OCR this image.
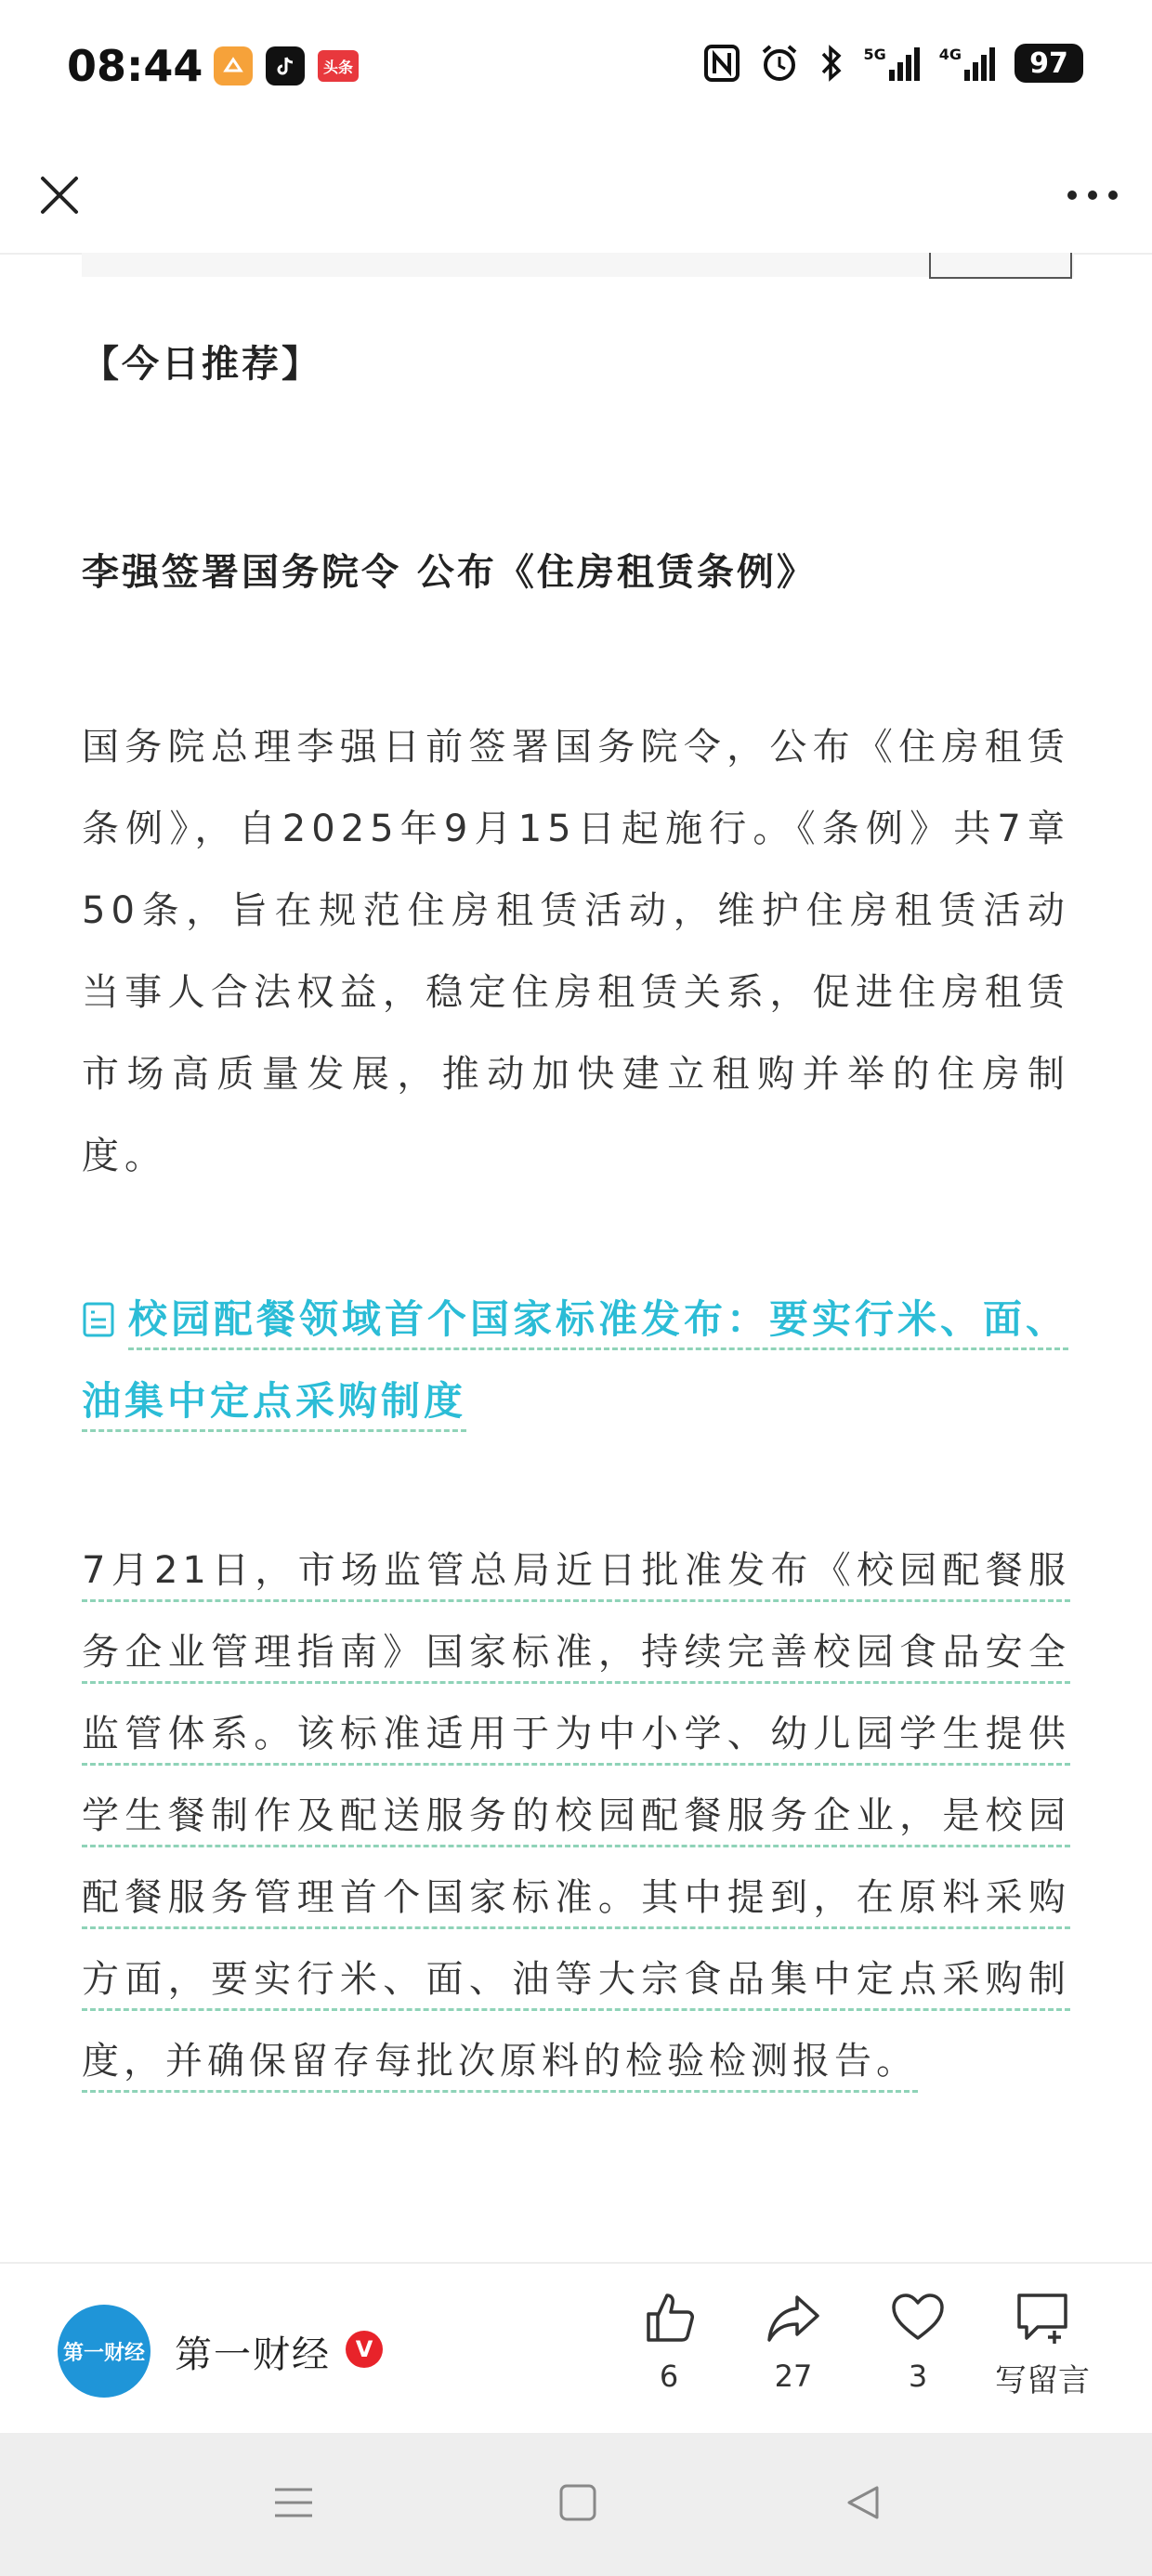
08:44	头条
5G	4G	97

【今日推荐】

李强签署国务院令 公布《住房租赁条例》
国务院总理李强日前签署国务院令，公布《住房租赁条例》，自2025年9月15日起施行。《条例》共7章50条，旨在规范住房租赁活动，维护住房租赁活动当事人合法权益，稳定住房租赁关系，促进住房租赁市场高质量发展，推动加快建立租购并举的住房制度。
校园配餐领域首个国家标准发布：要实行米、面、油集中定点采购制度
7月21日，市场监管总局近日批准发布《校园配餐服务企业管理指南》国家标准，持续完善校园食品安全监管体系。该标准适用于为中小学、幼儿园学生提供学生餐制作及配送服务的校园配餐服务企业，是校园配餐服务管理首个国家标准。其中提到，在原料采购方面，要实行米、面、油等大宗食品集中定点采购制度，并确保留存每批次原料的检验检测报告。
第一财经 第一财经	V
6	27	3	写留言
